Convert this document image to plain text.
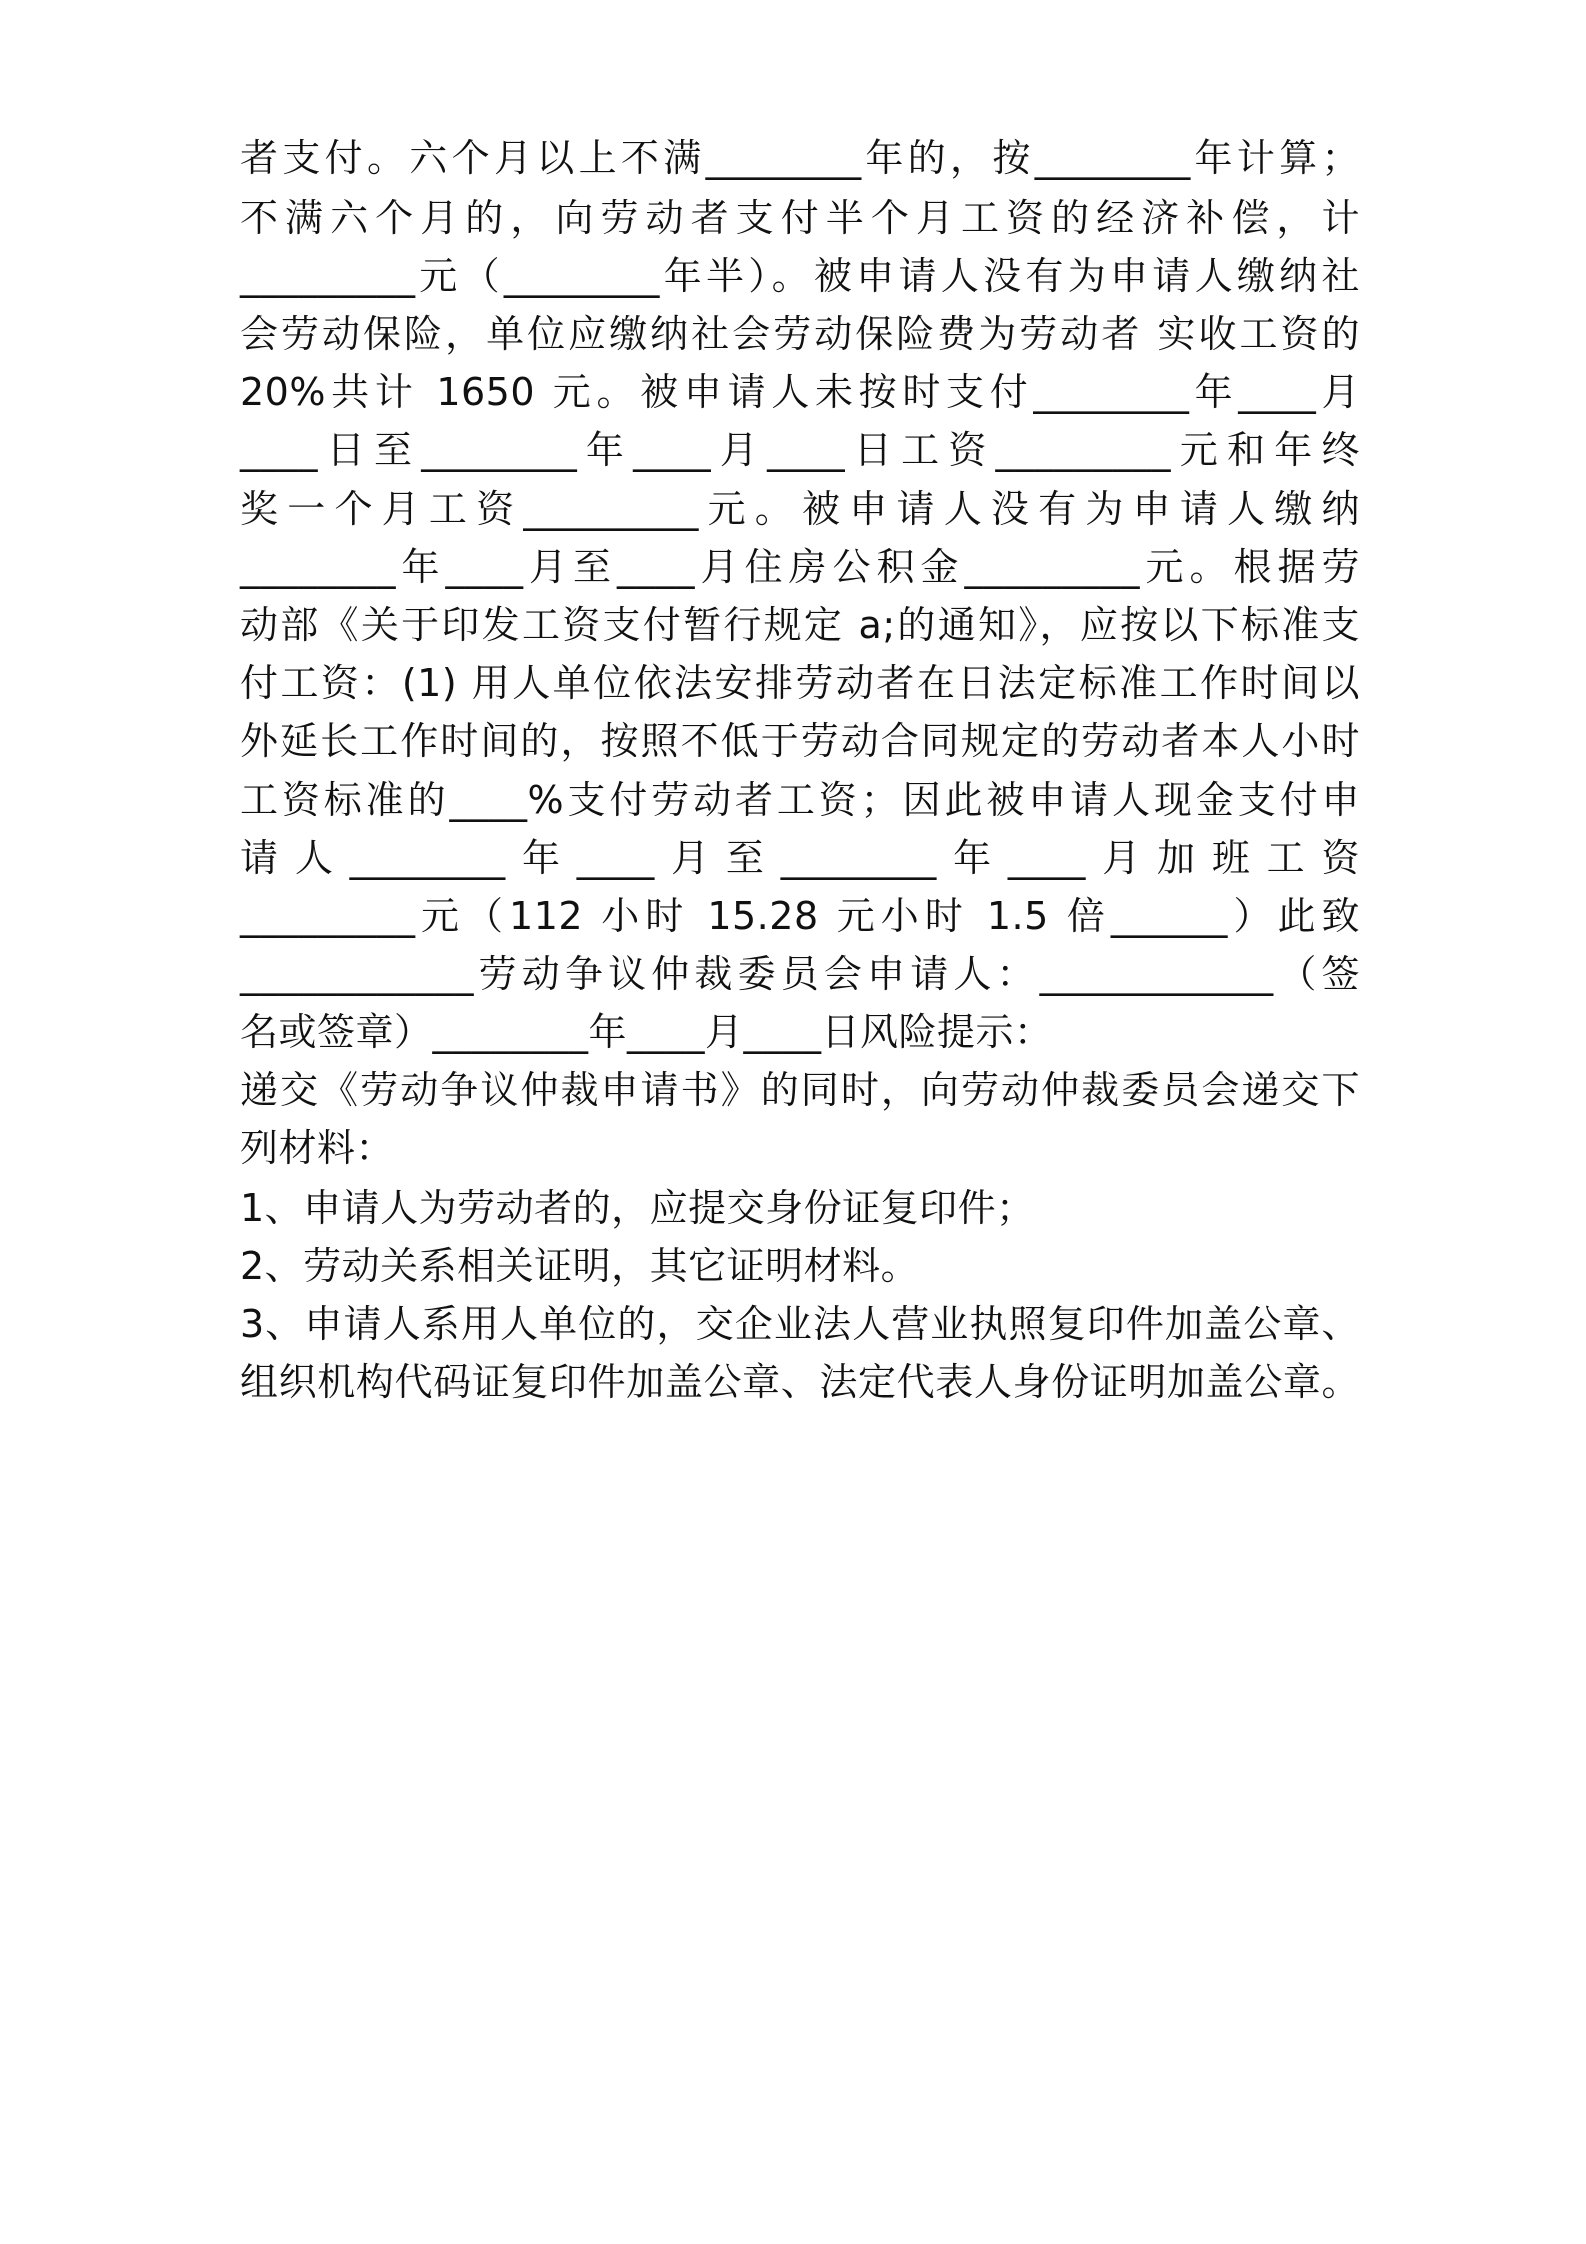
者支付。六个月以上不满________年的，按________年计算；
不满六个月的，向劳动者支付半个月工资的经济补偿，计
_________元（________年半）。被申请人没有为申请人缴纳社
会劳动保险，单位应缴纳社会劳动保险费为劳动者 实收工资的
20%共计 1650 元。被申请人未按时支付________年____月
____日至________年____月____日工资_________元和年终
奖一个月工资_________元。被申请人没有为申请人缴纳
________年____月至____月住房公积金_________元。根据劳
动部《关于印发工资支付暂行规定 a;的通知》，应按以下标准支
付工资：(1) 用人单位依法安排劳动者在日法定标准工作时间以
外延长工作时间的，按照不低于劳动合同规定的劳动者本人小时
工资标准的____%支付劳动者工资；因此被申请人现金支付申
请人________年____月至________年____月加班工资
_________元（112 小时 15.28 元小时 1.5 倍______）此致
____________劳动争议仲裁委员会申请人：____________（签
名或签章）________年____月____日风险提示：
递交《劳动争议仲裁申请书》的同时，向劳动仲裁委员会递交下
列材料：
1、申请人为劳动者的，应提交身份证复印件；
2、劳动关系相关证明，其它证明材料。
3、申请人系用人单位的，交企业法人营业执照复印件加盖公章、
组织机构代码证复印件加盖公章、法定代表人身份证明加盖公章。
